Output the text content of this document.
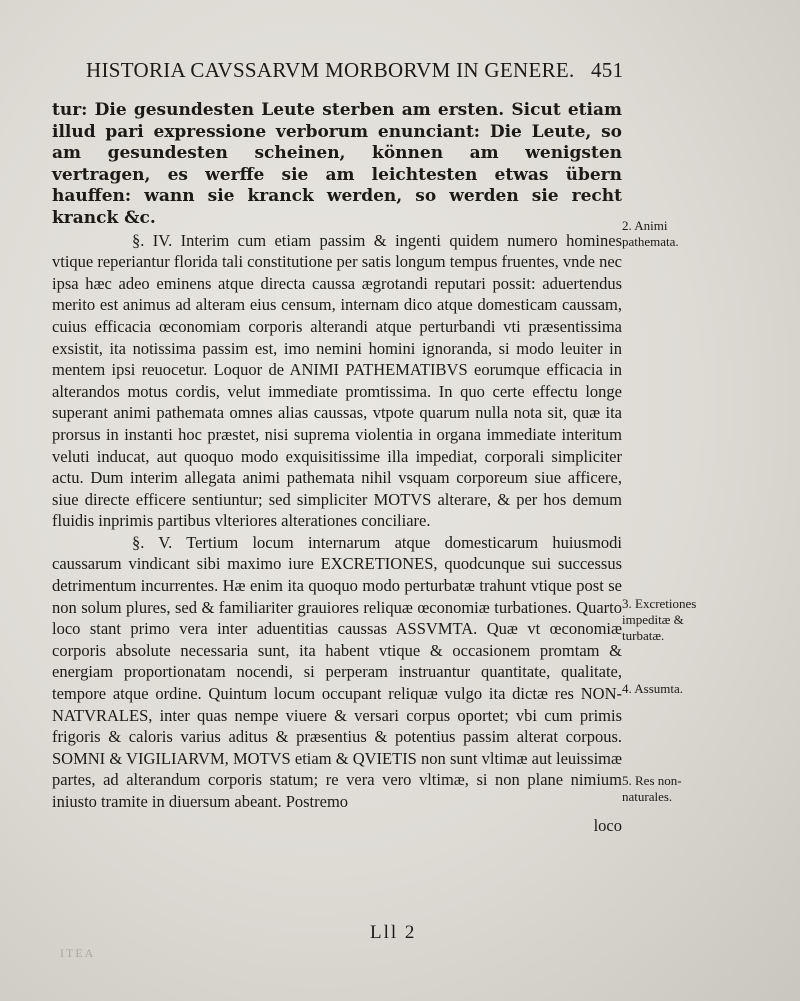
HISTORIA CAVSSARVM MORBORVM IN GENERE. 451

tur: Die gesundesten Leute sterben am ersten. Sicut etiam illud pari expressione verborum enunciant: Die Leute, so am gesundesten scheinen, können am wenigsten vertragen, es werffe sie am leichtesten etwas übern hauffen: wann sie kranck werden, so werden sie recht kranck &c.

§. IV. Interim cum etiam passim & ingenti quidem numero homines vtique reperiantur florida tali constitutione per satis longum tempus fruentes, vnde nec ipsa hæc adeo eminens atque directa caussa ægrotandi reputari possit: aduertendus merito est animus ad alteram eius censum, internam dico atque domesticam caussam, cuius efficacia œconomiam corporis alterandi atque perturbandi vti præsentissima exsistit, ita notissima passim est, imo nemini homini ignoranda, si modo leuiter in mentem ipsi reuocetur. Loquor de ANIMI PATHEMATIBVS eorumque efficacia in alterandos motus cordis, velut immediate promtissima. In quo certe effectu longe superant animi pathemata omnes alias caussas, vtpote quarum nulla nota sit, quæ ita prorsus in instanti hoc præstet, nisi suprema violentia in organa immediate interitum veluti inducat, aut quoquo modo exquisitissime illa impediat, corporali simpliciter actu. Dum interim allegata animi pathemata nihil vsquam corporeum siue afficere, siue directe efficere sentiuntur; sed simpliciter MOTVS alterare, & per hos demum fluidis inprimis partibus vlteriores alterationes conciliare.

§. V. Tertium locum internarum atque domesticarum huiusmodi caussarum vindicant sibi maximo iure EXCRETIONES, quodcunque sui successus detrimentum incurrentes. Hæ enim ita quoquo modo perturbatæ trahunt vtique post se non solum plures, sed & familiariter grauiores reliquæ œconomiæ turbationes. Quarto loco stant primo vera inter aduentitias caussas ASSVMTA. Quæ vt œconomiæ corporis absolute necessaria sunt, ita habent vtique & occasionem promtam & energiam proportionatam nocendi, si perperam instruantur quantitate, qualitate, tempore atque ordine. Quintum locum occupant reliquæ vulgo ita dictæ res NON-NATVRALES, inter quas nempe viuere & versari corpus oportet; vbi cum primis frigoris & caloris varius aditus & præsentius & potentius passim alterat corpous. SOMNI & VIGILIARVM, MOTVS etiam & QVIETIS non sunt vltimæ aut leuissimæ partes, ad alterandum corporis statum; re vera vero vltimæ, si non plane nimium iniusto tramite in diuersum abeant. Postremo

loco
2. Animi pathemata.
3. Excretiones impeditæ & turbatæ.
4. Assumta.
5. Res non-naturales.
Lll 2
ITEA
